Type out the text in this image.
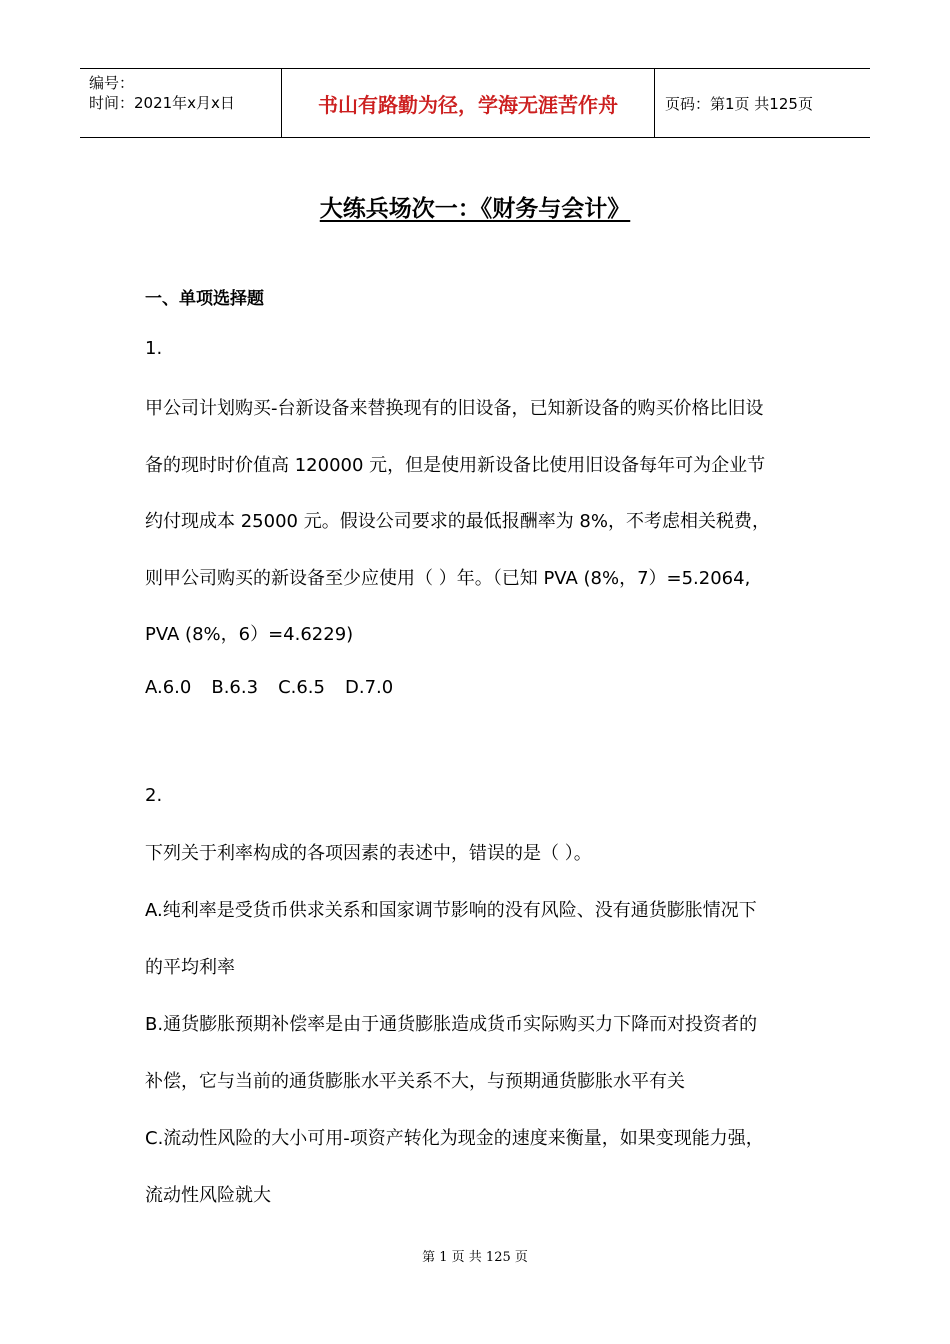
编号：
时间：2021年x月x日	书山有路勤为径，学海无涯苦作舟	页码：第1页 共125页
大练兵场次一：《财务与会计》
一、单项选择题
1.
甲公司计划购买-台新设备来替换现有的旧设备，已知新设备的购买价格比旧设
备的现时时价值高 120000 元，但是使用新设备比使用旧设备每年可为企业节
约付现成本 25000 元。假设公司要求的最低报酬率为 8%，不考虑相关税费，
则甲公司购买的新设备至少应使用（ ）年。（已知 PVA (8%，7）=5.2064,
PVA (8%，6）=4.6229)
A.6.0 B.6.3 C.6.5 D.7.0
2.
下列关于利率构成的各项因素的表述中，错误的是（ ）。
A.纯利率是受货币供求关系和国家调节影响的没有风险、没有通货膨胀情况下
的平均利率
B.通货膨胀预期补偿率是由于通货膨胀造成货币实际购买力下降而对投资者的
补偿，它与当前的通货膨胀水平关系不大，与预期通货膨胀水平有关
C.流动性风险的大小可用-项资产转化为现金的速度来衡量，如果变现能力强，
流动性风险就大
第 1 页 共 125 页
